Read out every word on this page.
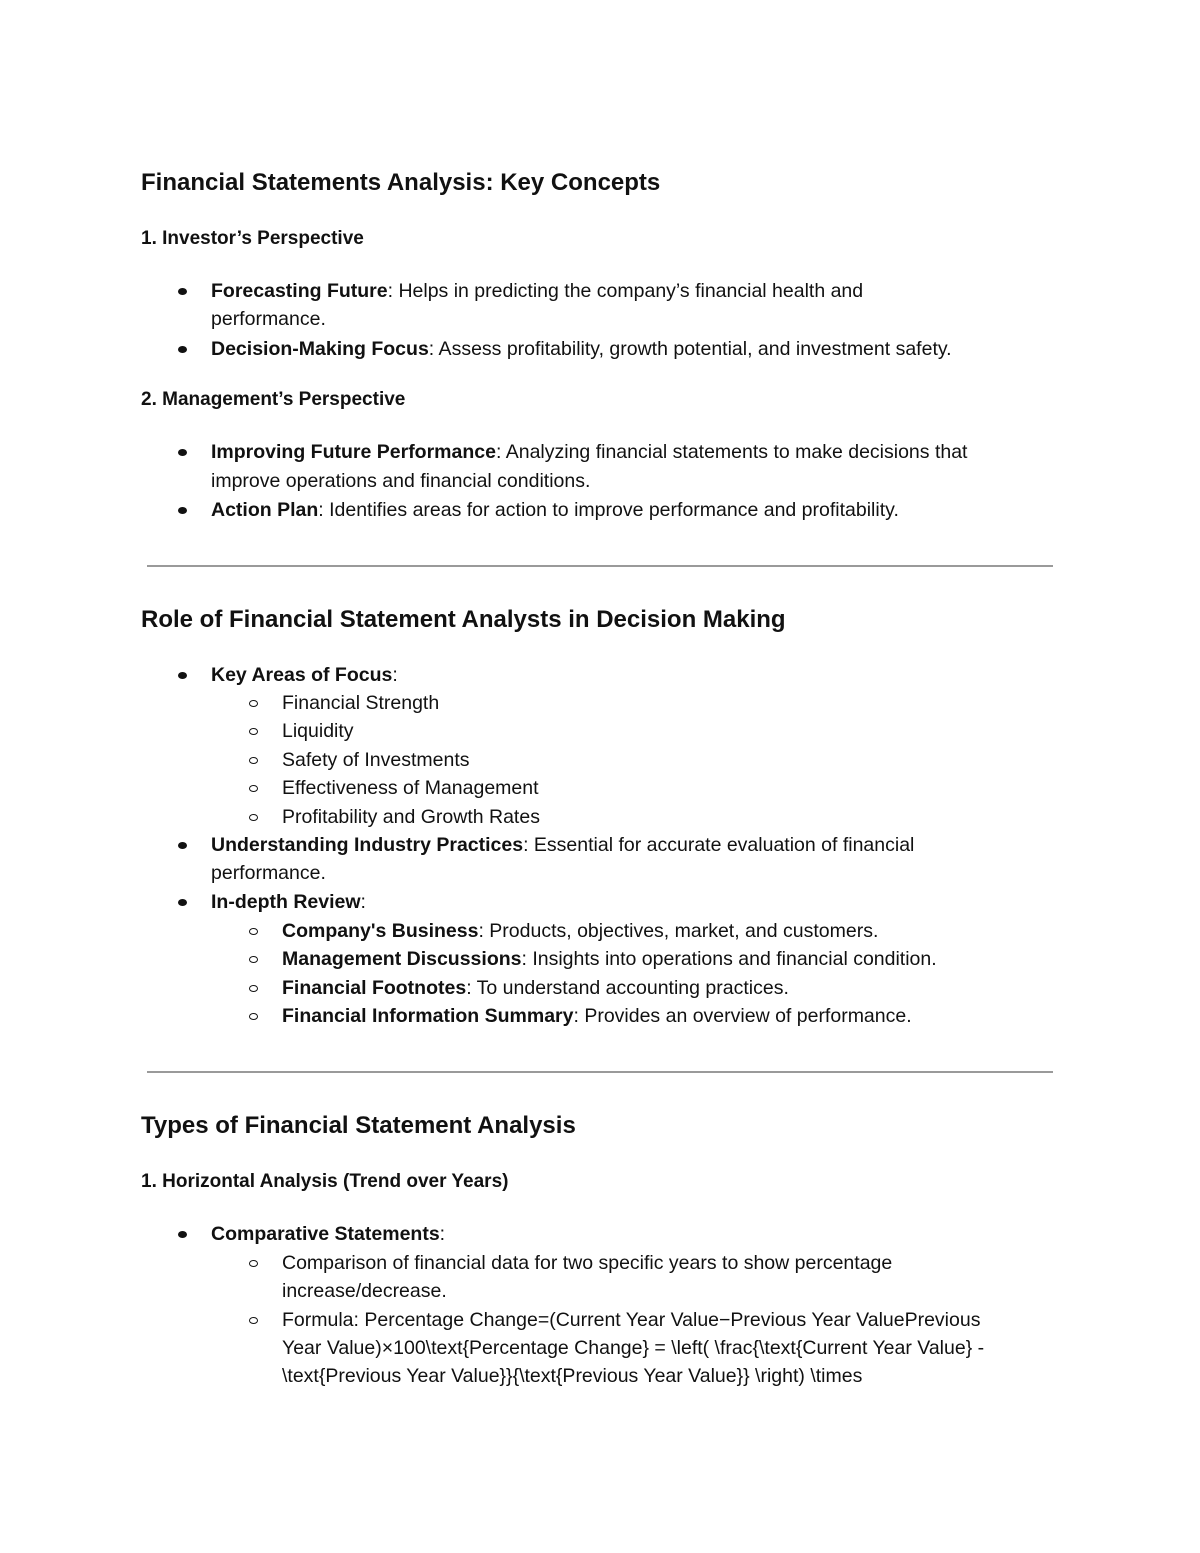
Financial Statements Analysis: Key Concepts
1. Investor’s Perspective
Forecasting Future: Helps in predicting the company’s financial health and
performance.
Decision-Making Focus: Assess profitability, growth potential, and investment safety.
2. Management’s Perspective
Improving Future Performance: Analyzing financial statements to make decisions that
improve operations and financial conditions.
Action Plan: Identifies areas for action to improve performance and profitability.
Role of Financial Statement Analysts in Decision Making
Key Areas of Focus:
Financial Strength
Liquidity
Safety of Investments
Effectiveness of Management
Profitability and Growth Rates
Understanding Industry Practices: Essential for accurate evaluation of financial
performance.
In-depth Review:
Company's Business: Products, objectives, market, and customers.
Management Discussions: Insights into operations and financial condition.
Financial Footnotes: To understand accounting practices.
Financial Information Summary: Provides an overview of performance.
Types of Financial Statement Analysis
1. Horizontal Analysis (Trend over Years)
Comparative Statements:
Comparison of financial data for two specific years to show percentage
increase/decrease.
Formula: Percentage Change=(Current Year Value−Previous Year ValuePrevious
Year Value)×100\text{Percentage Change} = \left( \frac{\text{Current Year Value} -
\text{Previous Year Value}}{\text{Previous Year Value}} \right) \times
